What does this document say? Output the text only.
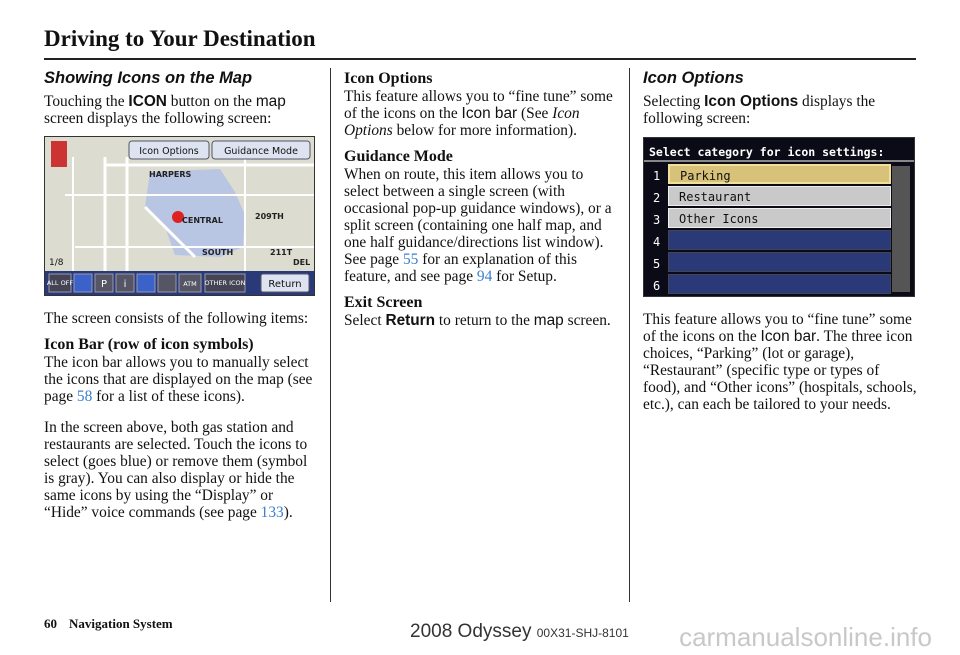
Driving to Your Destination
Showing Icons on the Map

Touching the ICON button on the map screen displays the following screen:

HARPERS
CENTRAL	209TH
SOUTH
DEL
211T
Icon Options	Guidance Mode
1/8
ALL OFF	P i	ATM OTHER ICON Return

The screen consists of the following items:

Icon Bar (row of icon symbols)

The icon bar allows you to manually select the icons that are displayed on the map (see page 58 for a list of these icons).

In the screen above, both gas station and restaurants are selected. Touch the icons to select (goes blue) or remove them (symbol is gray). You can also display or hide the same icons by using the “Display” or “Hide” voice commands (see page 133).

Icon Options

This feature allows you to “fine tune” some of the icons on the Icon bar (See Icon Options below for more information).

Guidance Mode

When on route, this item allows you to select between a single screen (with occasional pop-up guidance windows), or a split screen (containing one half map, and one half guidance/directions list window). See page 55 for an explanation of this feature, and see page 94 for Setup.

Exit Screen

Select Return to return to the map screen.

Icon Options

Selecting Icon Options displays the following screen:

Select category for icon settings:
1	Parking
2	Restaurant
3	Other Icons
4
5
6

This feature allows you to “fine tune” some of the icons on the Icon bar. The three icon choices, “Parking” (lot or garage), “Restaurant” (specific type or types of food), and “Other icons” (hospitals, schools, etc.), can each be tailored to your needs.

60 Navigation System	2008 Odyssey 00X31-SHJ-8101 carmanualsonline.info
